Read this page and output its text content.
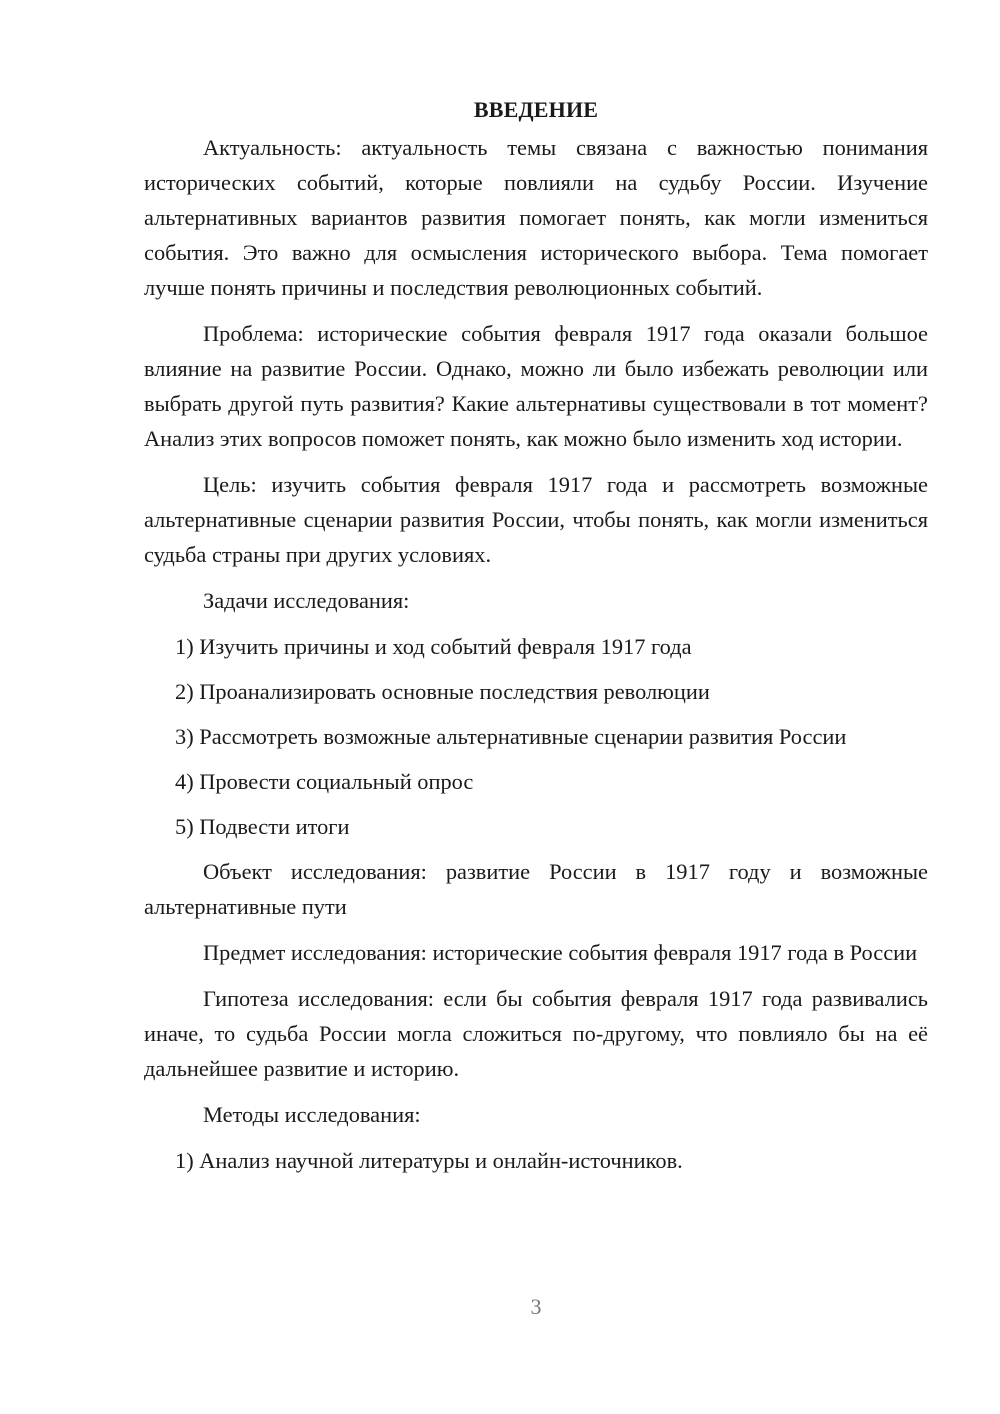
ВВЕДЕНИЕ

Актуальность: актуальность темы связана с важностью понимания исторических событий, которые повлияли на судьбу России. Изучение альтернативных вариантов развития помогает понять, как могли измениться события. Это важно для осмысления исторического выбора. Тема помогает лучше понять причины и последствия революционных событий.

Проблема: исторические события февраля 1917 года оказали большое влияние на развитие России. Однако, можно ли было избежать революции или выбрать другой путь развития? Какие альтернативы существовали в тот момент? Анализ этих вопросов поможет понять, как можно было изменить ход истории.

Цель: изучить события февраля 1917 года и рассмотреть возможные альтернативные сценарии развития России, чтобы понять, как могли измениться судьба страны при других условиях.

Задачи исследования:

1) Изучить причины и ход событий февраля 1917 года
2) Проанализировать основные последствия революции
3) Рассмотреть возможные альтернативные сценарии развития России
4) Провести социальный опрос
5) Подвести итоги

Объект исследования: развитие России в 1917 году и возможные альтернативные пути

Предмет исследования: исторические события февраля 1917 года в России

Гипотеза исследования: если бы события февраля 1917 года развивались иначе, то судьба России могла сложиться по-другому, что повлияло бы на её дальнейшее развитие и историю.

Методы исследования:

1) Анализ научной литературы и онлайн-источников.
3
